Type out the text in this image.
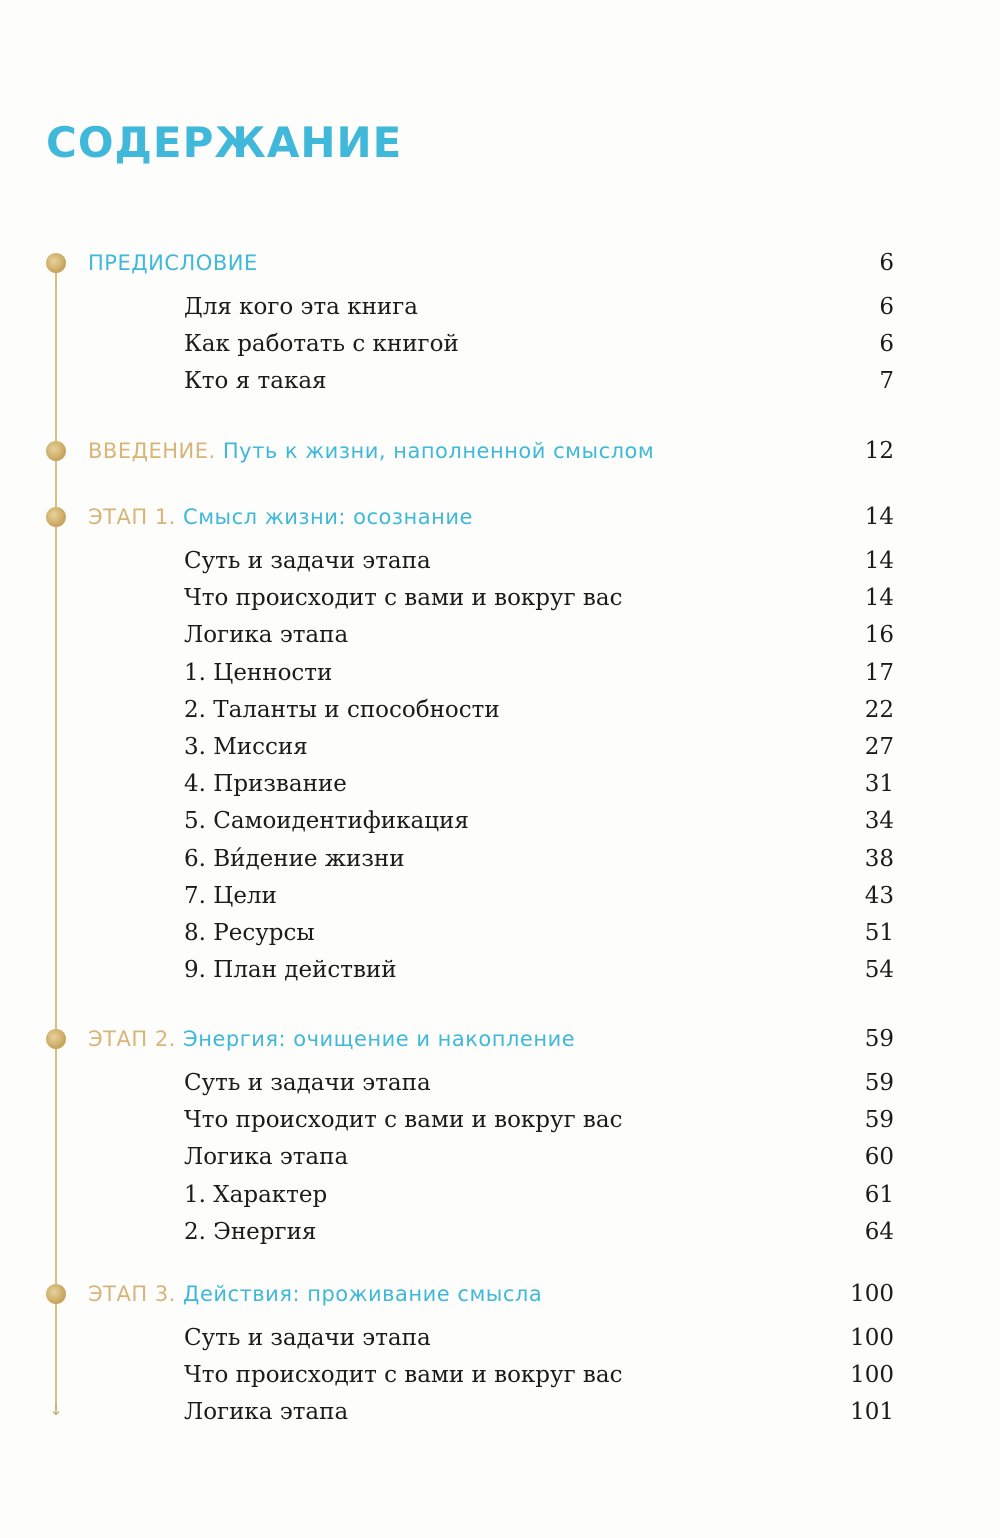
СОДЕРЖАНИЕ
↓
ПРЕДИСЛОВИЕ	6
Для кого эта книга	6
Как работать с книгой	6
Кто я такая	7
ВВЕДЕНИЕ. Путь к жизни, наполненной смыслом	12
ЭТАП 1. Смысл жизни: осознание	14
Суть и задачи этапа	14
Что происходит с вами и вокруг вас	14
Логика этапа	16
1. Ценности	17
2. Таланты и способности	22
3. Миссия	27
4. Призвание	31
5. Самоидентификация	34
6. Ви́дение жизни	38
7. Цели	43
8. Ресурсы	51
9. План действий	54
ЭТАП 2. Энергия: очищение и накопление	59
Суть и задачи этапа	59
Что происходит с вами и вокруг вас	59
Логика этапа	60
1. Характер	61
2. Энергия	64
ЭТАП 3. Действия: проживание смысла	100
Суть и задачи этапа	100
Что происходит с вами и вокруг вас	100
Логика этапа	101
